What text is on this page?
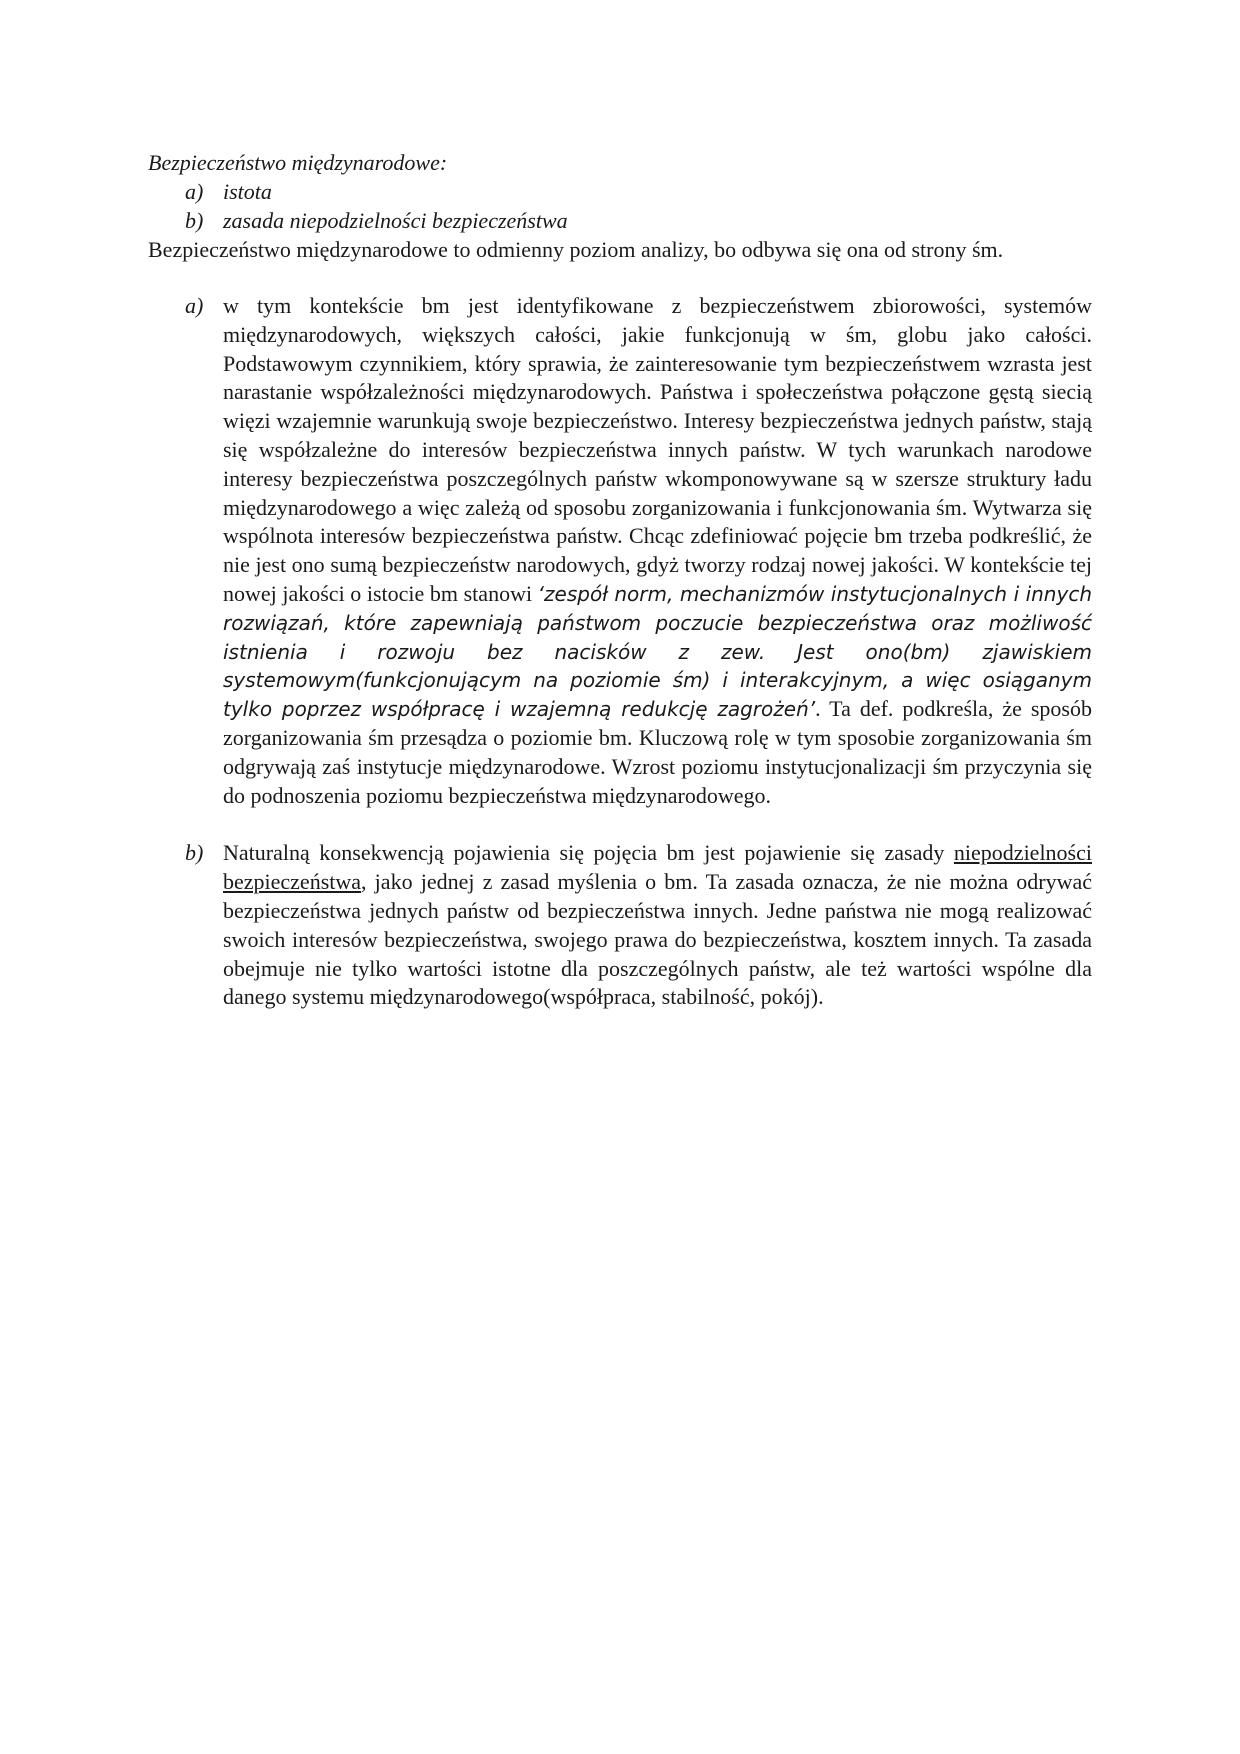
Bezpieczeństwo międzynarodowe:

a) istota
b) zasada niepodzielności bezpieczeństwa

Bezpieczeństwo międzynarodowe to odmienny poziom analizy, bo odbywa się ona od strony śm.

a) w tym kontekście bm jest identyfikowane z bezpieczeństwem zbiorowości, systemów międzynarodowych, większych całości, jakie funkcjonują w śm, globu jako całości. Podstawowym czynnikiem, który sprawia, że zainteresowanie tym bezpieczeństwem wzrasta jest narastanie współzależności międzynarodowych. Państwa i społeczeństwa połączone gęstą siecią więzi wzajemnie warunkują swoje bezpieczeństwo. Interesy bezpieczeństwa jednych państw, stają się współzależne do interesów bezpieczeństwa innych państw. W tych warunkach narodowe interesy bezpieczeństwa poszczególnych państw wkomponowywane są w szersze struktury ładu międzynarodowego a więc zależą od sposobu zorganizowania i funkcjonowania śm. Wytwarza się wspólnota interesów bezpieczeństwa państw. Chcąc zdefiniować pojęcie bm trzeba podkreślić, że nie jest ono sumą bezpieczeństw narodowych, gdyż tworzy rodzaj nowej jakości. W kontekście tej nowej jakości o istocie bm stanowi ‘zespół norm, mechanizmów instytucjonalnych i innych rozwiązań, które zapewniają państwom poczucie bezpieczeństwa oraz możliwość istnienia i rozwoju bez nacisków z zew. Jest ono(bm) zjawiskiem systemowym(funkcjonującym na poziomie śm) i interakcyjnym, a więc osiąganym tylko poprzez współpracę i wzajemną redukcję zagrożeń’. Ta def. podkreśla, że sposób zorganizowania śm przesądza o poziomie bm. Kluczową rolę w tym sposobie zorganizowania śm odgrywają zaś instytucje międzynarodowe. Wzrost poziomu instytucjonalizacji śm przyczynia się do podnoszenia poziomu bezpieczeństwa międzynarodowego.
b) Naturalną konsekwencją pojawienia się pojęcia bm jest pojawienie się zasady niepodzielności bezpieczeństwa, jako jednej z zasad myślenia o bm. Ta zasada oznacza, że nie można odrywać bezpieczeństwa jednych państw od bezpieczeństwa innych. Jedne państwa nie mogą realizować swoich interesów bezpieczeństwa, swojego prawa do bezpieczeństwa, kosztem innych. Ta zasada obejmuje nie tylko wartości istotne dla poszczególnych państw, ale też wartości wspólne dla danego systemu międzynarodowego(współpraca, stabilność, pokój).
